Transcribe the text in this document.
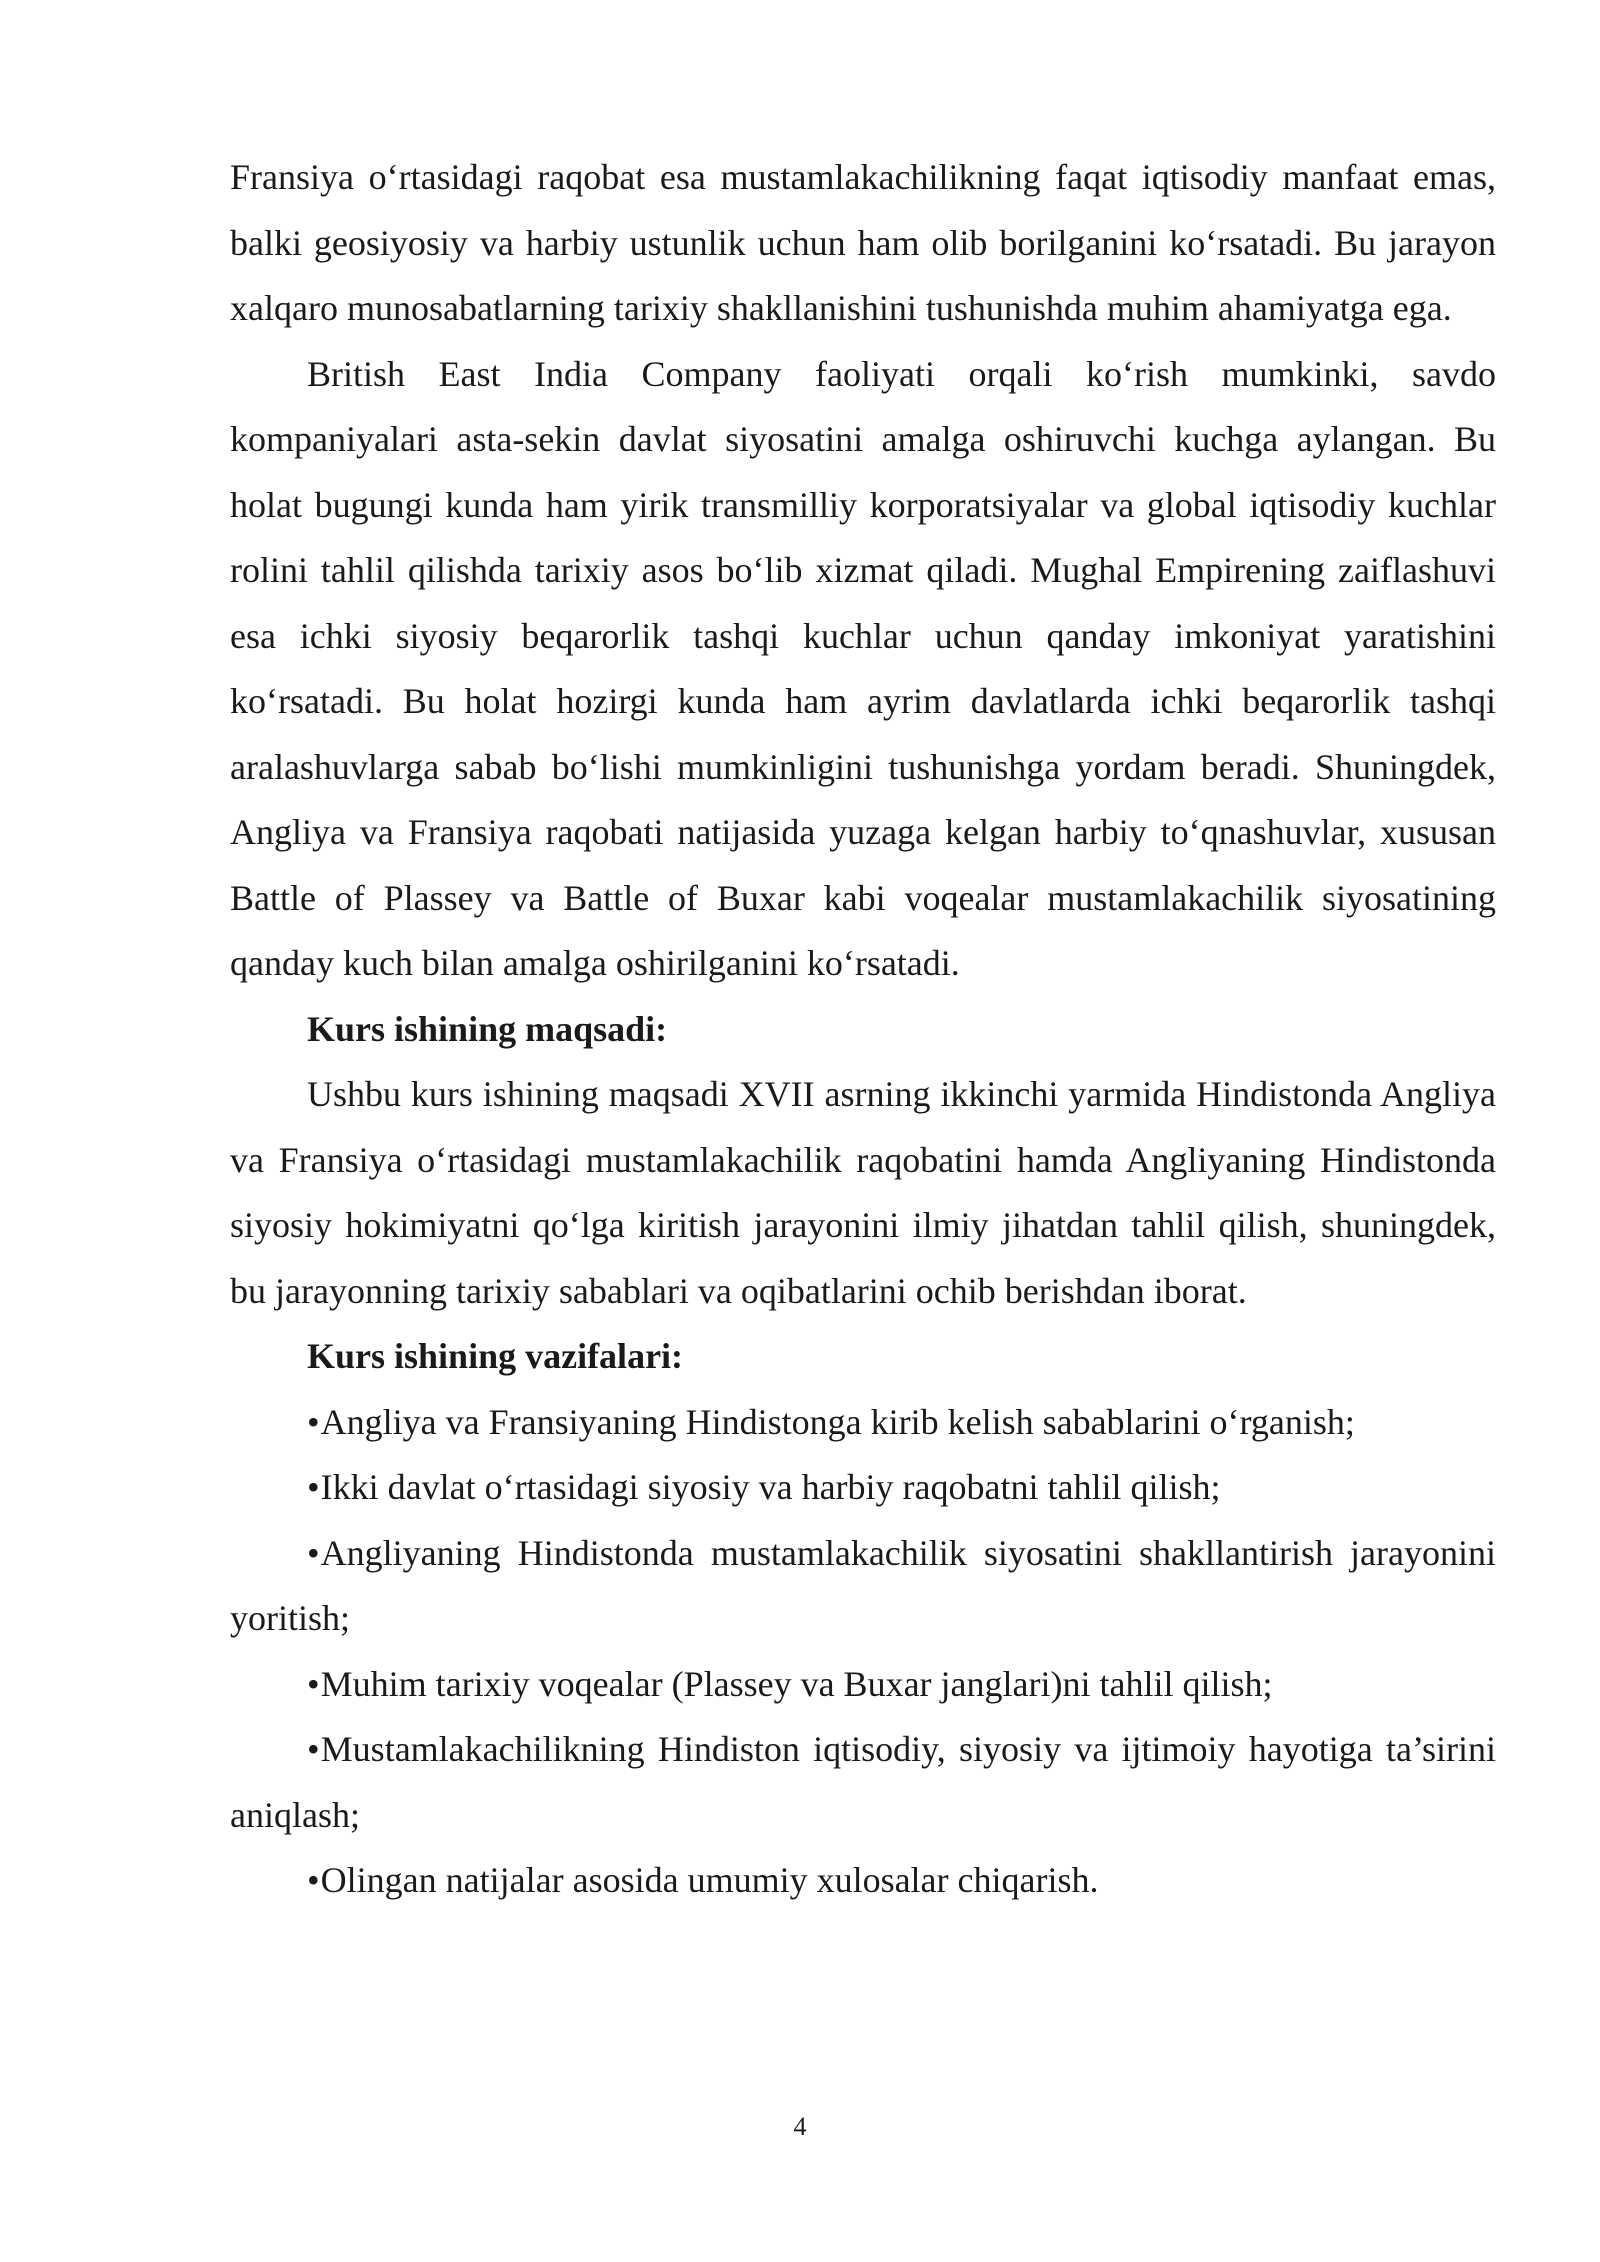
Fransiya o‘rtasidagi raqobat esa mustamlakachilikning faqat iqtisodiy manfaat emas, balki geosiyosiy va harbiy ustunlik uchun ham olib borilganini ko‘rsatadi. Bu jarayon xalqaro munosabatlarning tarixiy shakllanishini tushunishda muhim ahamiyatga ega.

British East India Company faoliyati orqali ko‘rish mumkinki, savdo kompaniyalari asta-sekin davlat siyosatini amalga oshiruvchi kuchga aylangan. Bu holat bugungi kunda ham yirik transmilliy korporatsiyalar va global iqtisodiy kuchlar rolini tahlil qilishda tarixiy asos bo‘lib xizmat qiladi. Mughal Empirening zaiflashuvi esa ichki siyosiy beqarorlik tashqi kuchlar uchun qanday imkoniyat yaratishini ko‘rsatadi. Bu holat hozirgi kunda ham ayrim davlatlarda ichki beqarorlik tashqi aralashuvlarga sabab bo‘lishi mumkinligini tushunishga yordam beradi. Shuningdek, Angliya va Fransiya raqobati natijasida yuzaga kelgan harbiy to‘qnashuvlar, xususan Battle of Plassey va Battle of Buxar kabi voqealar mustamlakachilik siyosatining qanday kuch bilan amalga oshirilganini ko‘rsatadi.

Kurs ishining maqsadi:

Ushbu kurs ishining maqsadi XVII asrning ikkinchi yarmida Hindistonda Angliya va Fransiya o‘rtasidagi mustamlakachilik raqobatini hamda Angliyaning Hindistonda siyosiy hokimiyatni qo‘lga kiritish jarayonini ilmiy jihatdan tahlil qilish, shuningdek, bu jarayonning tarixiy sabablari va oqibatlarini ochib berishdan iborat.

Kurs ishining vazifalari:

•Angliya va Fransiyaning Hindistonga kirib kelish sabablarini o‘rganish;
•Ikki davlat o‘rtasidagi siyosiy va harbiy raqobatni tahlil qilish;
•Angliyaning Hindistonda mustamlakachilik siyosatini shakllantirish jarayonini yoritish;
•Muhim tarixiy voqealar (Plassey va Buxar janglari)ni tahlil qilish;
•Mustamlakachilikning Hindiston iqtisodiy, siyosiy va ijtimoiy hayotiga ta’sirini aniqlash;
•Olingan natijalar asosida umumiy xulosalar chiqarish.
4
